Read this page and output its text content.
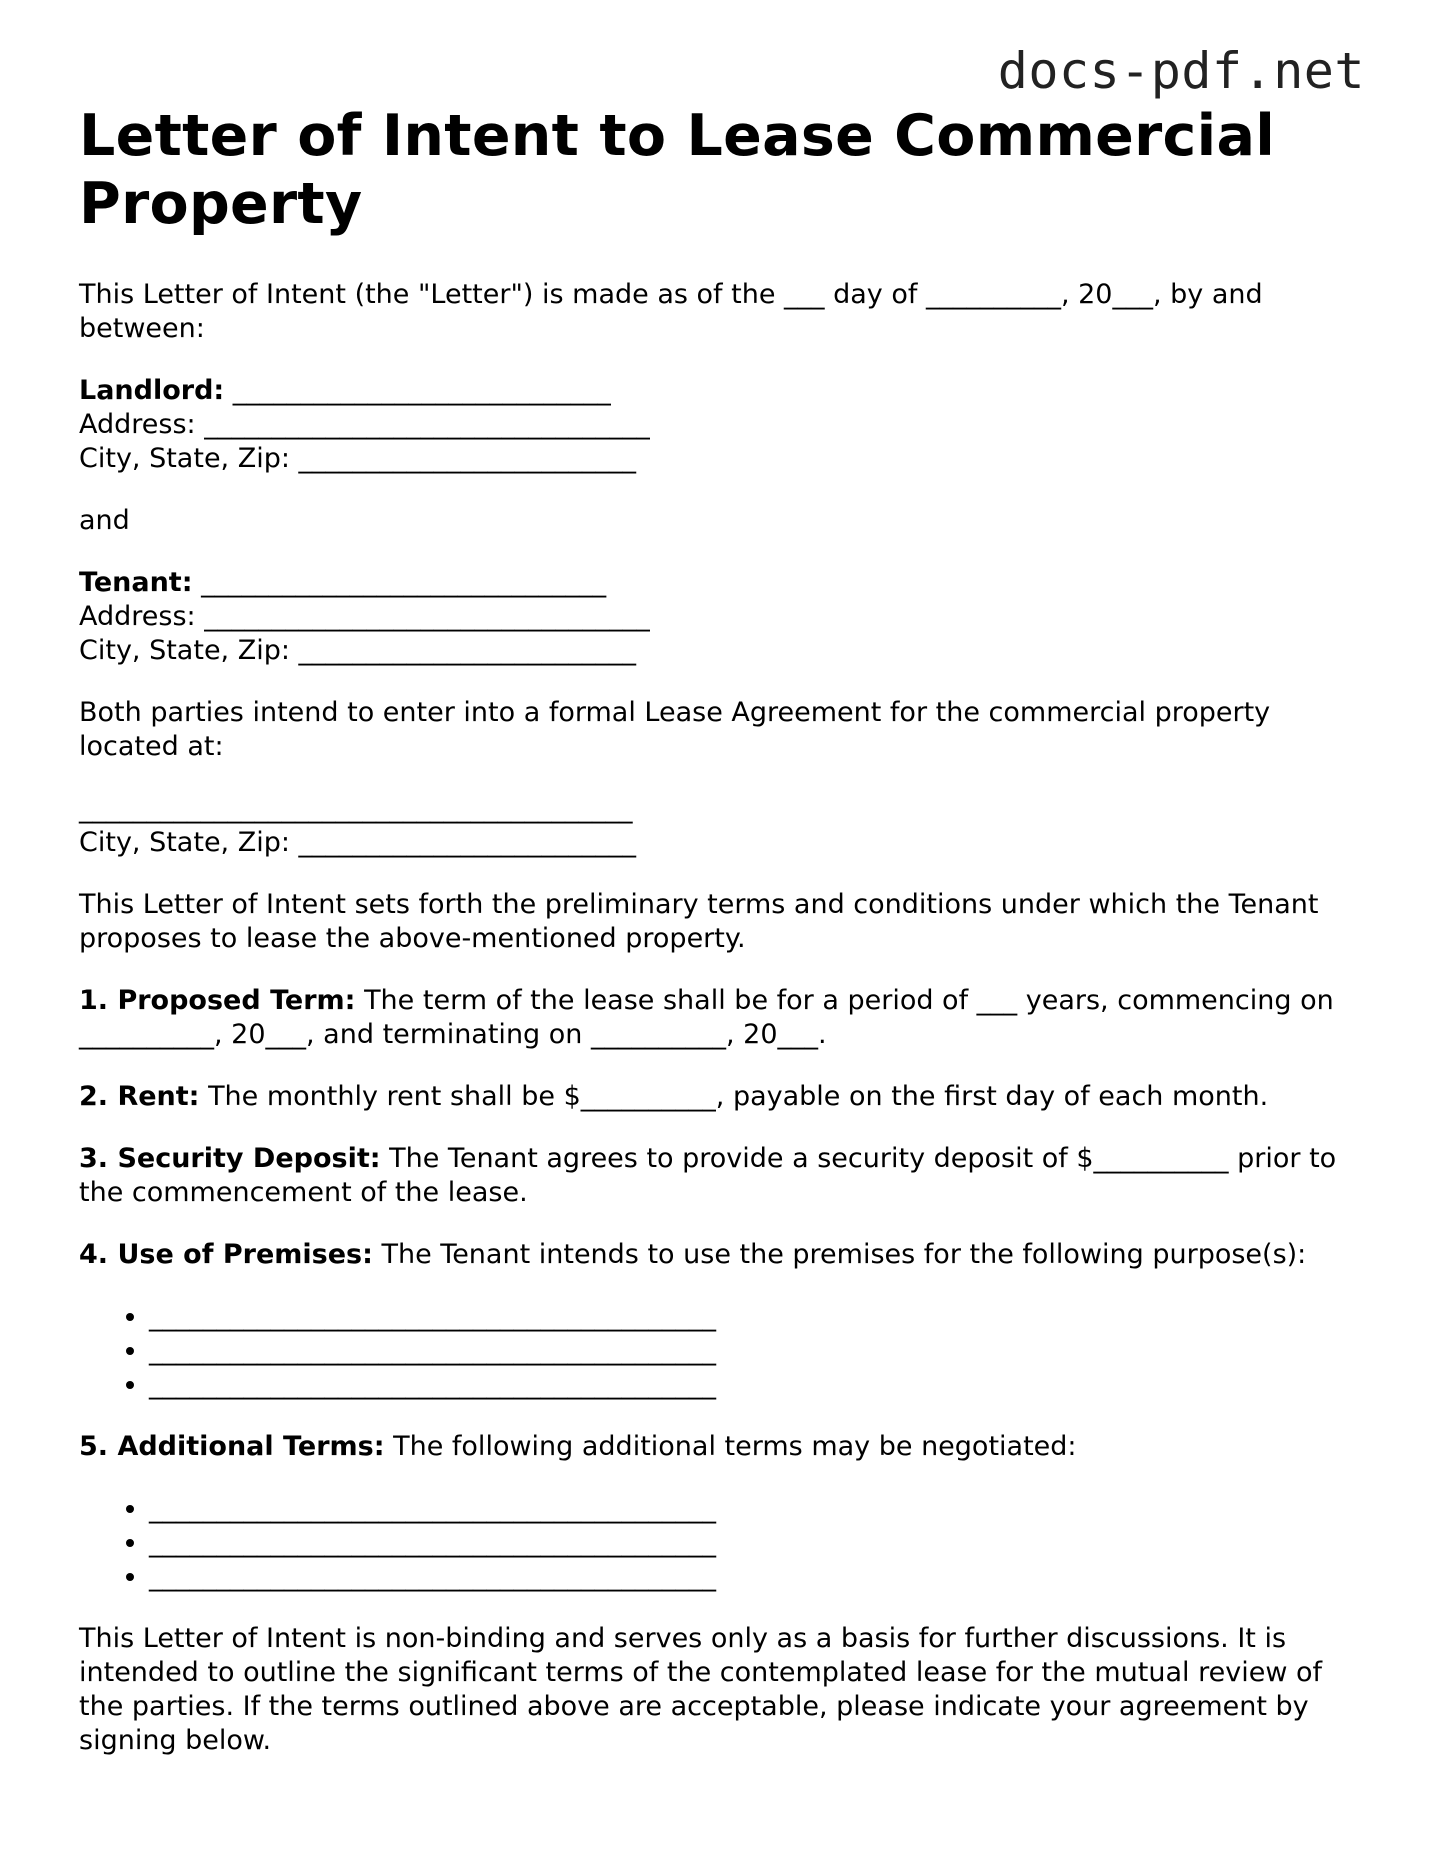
docs-pdf.net
Letter of Intent to Lease Commercial Property

This Letter of Intent (the "Letter") is made as of the ___ day of __________, 20___, by and between:

Landlord: ____________________________
Address: _________________________________
City, State, Zip: _________________________

and

Tenant: ______________________________
Address: _________________________________
City, State, Zip: _________________________

Both parties intend to enter into a formal Lease Agreement for the commercial property located at:

_________________________________________
City, State, Zip: _________________________

This Letter of Intent sets forth the preliminary terms and conditions under which the Tenant proposes to lease the above-mentioned property.

1. Proposed Term: The term of the lease shall be for a period of ___ years, commencing on __________, 20___, and terminating on __________, 20___.

2. Rent: The monthly rent shall be $__________, payable on the first day of each month.

3. Security Deposit: The Tenant agrees to provide a security deposit of $__________ prior to the commencement of the lease.

4. Use of Premises: The Tenant intends to use the premises for the following purpose(s):

• __________________________________________
• __________________________________________
• __________________________________________

5. Additional Terms: The following additional terms may be negotiated:

• __________________________________________
• __________________________________________
• __________________________________________

This Letter of Intent is non-binding and serves only as a basis for further discussions. It is intended to outline the significant terms of the contemplated lease for the mutual review of the parties. If the terms outlined above are acceptable, please indicate your agreement by signing below.
